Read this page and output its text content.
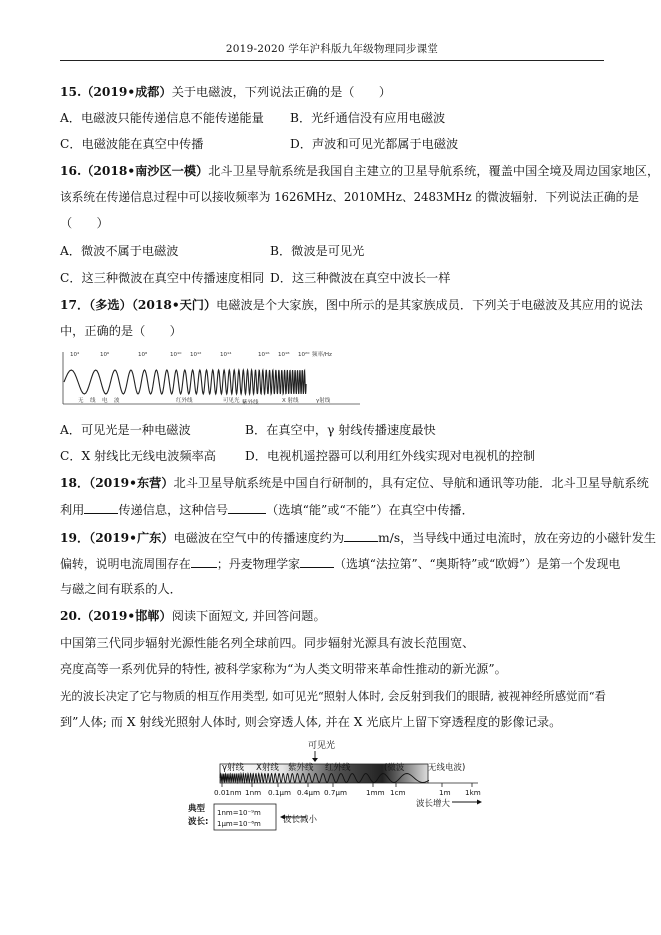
2019-2020 学年沪科版九年级物理同步课堂
15.（2019•成都）关于电磁波，下列说法正确的是（　　）
A．电磁波只能传递信息不能传递能量 B．光纤通信没有应用电磁波
C．电磁波能在真空中传播	D．声波和可见光都属于电磁波
16.（2018•南沙区一模）北斗卫星导航系统是我国自主建立的卫星导航系统，覆盖中国全境及周边国家地区，
该系统在传递信息过程中可以接收频率为 1626MHz、2010MHz、2483MHz 的微波辐射．下列说法正确的是
（　　）
A．微波不属于电磁波	B．微波是可见光
C．这三种微波在真空中传播速度相同 D．这三种微波在真空中波长一样
17．（多选）（2018•天门）电磁波是个大家族，图中所示的是其家族成员．下列关于电磁波及其应用的说法
中，正确的是（　　）
10⁴	10⁶	10⁸	10¹⁰ 10¹²	10¹⁴	10¹⁶ 10¹⁸ 10²⁰ 频率/Hz
无 线 电 波	红外线	可见光 紫外线	X 射线	γ射线
A．可见光是一种电磁波	B．在真空中，γ 射线传播速度最快
C．X 射线比无线电波频率高 D．电视机遥控器可以利用红外线实现对电视机的控制
18．（2019•东营）北斗卫星导航系统是中国自行研制的，具有定位、导航和通讯等功能．北斗卫星导航系统
利用	传递信息，这种信号	（选填“能”或“不能”）在真空中传播．
19．（2019•广东）电磁波在空气中的传播速度约为	m/s，当导线中通过电流时，放在旁边的小磁针发生
偏转，说明电流周围存在 ；丹麦物理学家	（选填“法拉第”、“奥斯特”或“欧姆”）是第一个发现电
与磁之间有联系的人．
20.（2019•邯郸）阅读下面短文, 并回答问题。
中国第三代同步辐射光源性能名列全球前四。同步辐射光源具有波长范围宽、
亮度高等一系列优异的特性, 被科学家称为“为人类文明带来革命性推动的新光源”。
光的波长决定了它与物质的相互作用类型, 如可见光“照射人体时, 会反射到我们的眼睛, 被视神经所感觉而“看
到”人体; 而 X 射线光照射人体时, 则会穿透人体, 并在 X 光底片上留下穿透程度的影像记录。
可见光
γ射线 X射线 紫外线 红外线	(微波	无线电波)
0.01nm 1nm 0.1μm 0.4μm 0.7μm	1mm 1cm	1m 1km
典型
波长:
1nm=10⁻⁹m
1μm=10⁻⁶m	波长减小
波长增大
